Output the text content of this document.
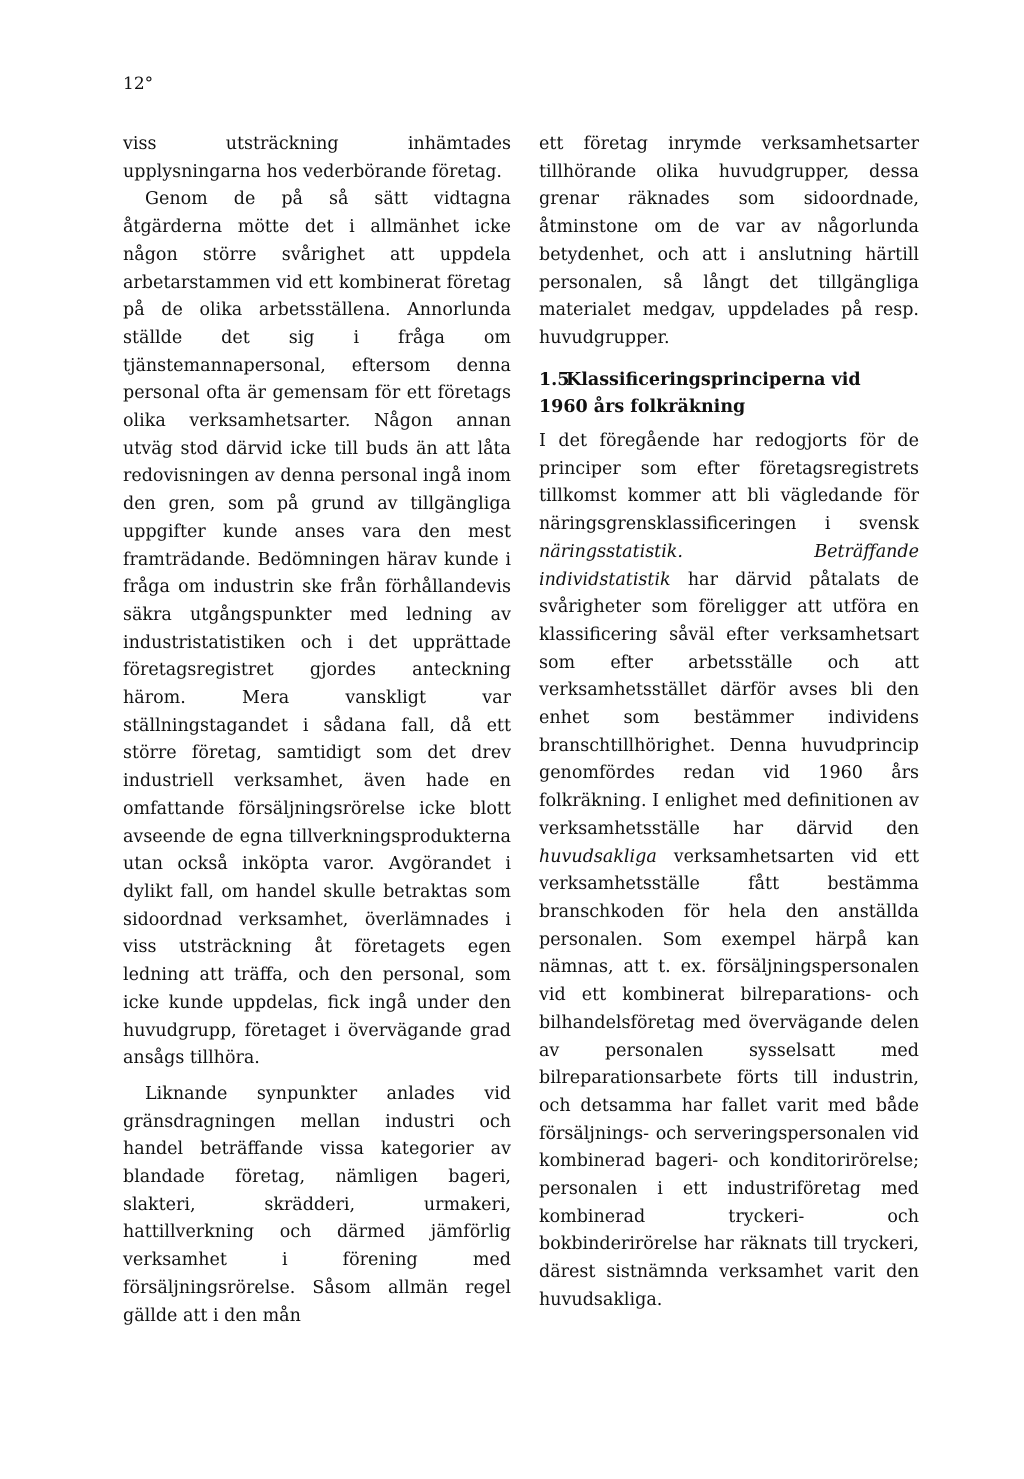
12°

viss utsträckning inhämtades upplysningarna hos vederbörande företag.

Genom de på så sätt vidtagna åtgärderna mötte det i allmänhet icke någon större svårighet att uppdela arbetarstammen vid ett kombinerat företag på de olika arbetsställena. Annorlunda ställde det sig i fråga om tjänstemannapersonal, eftersom denna personal ofta är gemensam för ett företags olika verksamhetsarter. Någon annan utväg stod därvid icke till buds än att låta redovisningen av denna personal ingå inom den gren, som på grund av tillgängliga uppgifter kunde anses vara den mest framträdande. Bedömningen härav kunde i fråga om industrin ske från förhållandevis säkra utgångspunkter med ledning av industristatistiken och i det upprättade företagsregistret gjordes anteckning härom. Mera vanskligt var ställningstagandet i sådana fall, då ett större företag, samtidigt som det drev industriell verksamhet, även hade en omfattande försäljningsrörelse icke blott avseende de egna tillverkningsprodukterna utan också inköpta varor. Avgörandet i dylikt fall, om handel skulle betraktas som sidoordnad verksamhet, överlämnades i viss utsträckning åt företagets egen ledning att träffa, och den personal, som icke kunde uppdelas, fick ingå under den huvudgrupp, företaget i övervägande grad ansågs tillhöra.

Liknande synpunkter anlades vid gränsdragningen mellan industri och handel beträffande vissa kategorier av blandade företag, nämligen bageri, slakteri, skrädderi, urmakeri, hattillverkning och därmed jämförlig verksamhet i förening med försäljningsrörelse. Såsom allmän regel gällde att i den mån

ett företag inrymde verksamhetsarter tillhörande olika huvudgrupper, dessa grenar räknades som sidoordnade, åtminstone om de var av någorlunda betydenhet, och att i anslutning härtill personalen, så långt det tillgängliga materialet medgav, uppdelades på resp. huvudgrupper.

1.5Klassificeringsprinciperna vid
1960 års folkräkning

I det föregående har redogjorts för de principer som efter företagsregistrets tillkomst kommer att bli vägledande för näringsgrensklassificeringen i svensk näringsstatistik. Beträffande individstatistik har därvid påtalats de svårigheter som föreligger att utföra en klassificering såväl efter verksamhetsart som efter arbetsställe och att verksamhetsstället därför avses bli den enhet som bestämmer individens branschtillhörighet. Denna huvudprincip genomfördes redan vid 1960 års folkräkning. I enlighet med definitionen av verksamhetsställe har därvid den huvudsakliga verksamhetsarten vid ett verksamhetsställe fått bestämma branschkoden för hela den anställda personalen. Som exempel härpå kan nämnas, att t. ex. försäljningspersonalen vid ett kombinerat bilreparations- och bilhandelsföretag med övervägande delen av personalen sysselsatt med bilreparationsarbete förts till industrin, och detsamma har fallet varit med både försäljnings- och serveringspersonalen vid kombinerad bageri- och konditorirörelse; personalen i ett industriföretag med kombinerad tryckeri- och bokbinderirörelse har räknats till tryckeri, därest sistnämnda verksamhet varit den huvudsakliga.
